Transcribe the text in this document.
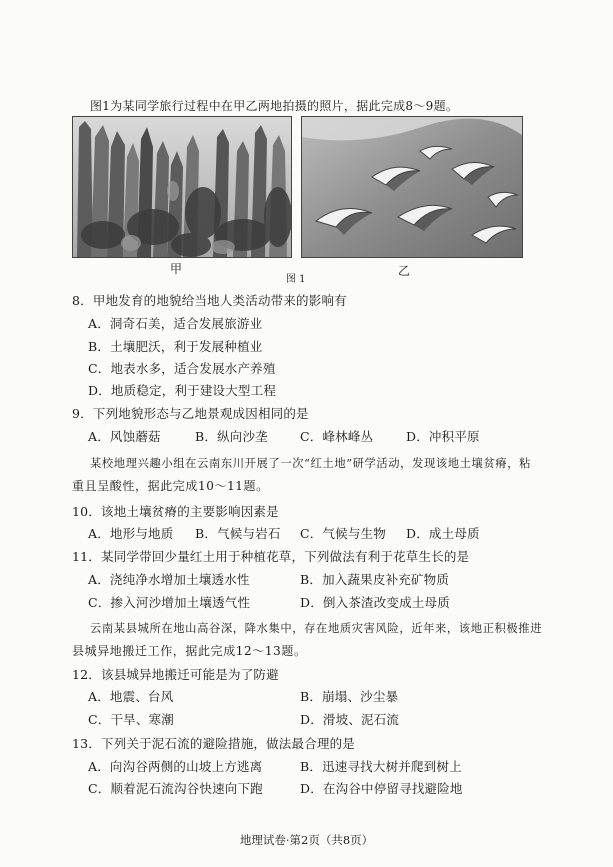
图1为某同学旅行过程中在甲乙两地拍摄的照片，据此完成8～9题。
甲	乙
图 1
8．甲地发育的地貌给当地人类活动带来的影响有
A．洞奇石美，适合发展旅游业
B．土壤肥沃，利于发展种植业
C．地表水多，适合发展水产养殖
D．地质稳定，利于建设大型工程
9．下列地貌形态与乙地景观成因相同的是
A．风蚀蘑菇	B．纵向沙垄	C．峰林峰丛	D．冲积平原
某校地理兴趣小组在云南东川开展了一次“红土地”研学活动，发现该地土壤贫瘠，粘
重且呈酸性，据此完成10～11题。
10．该地土壤贫瘠的主要影响因素是
A．地形与地质 B．气候与岩石 C．气候与生物 D．成土母质
11．某同学带回少量红土用于种植花草，下列做法有利于花草生长的是
A．浇纯净水增加土壤透水性	B．加入蔬果皮补充矿物质
C．掺入河沙增加土壤透气性	D．倒入茶渣改变成土母质
云南某县城所在地山高谷深，降水集中，存在地质灾害风险，近年来，该地正积极推进
县城异地搬迁工作，据此完成12～13题。
12．该县城异地搬迁可能是为了防避
A．地震、台风	B．崩塌、沙尘暴
C．干旱、寒潮	D．滑坡、泥石流
13．下列关于泥石流的避险措施，做法最合理的是
A．向沟谷两侧的山坡上方逃离	B．迅速寻找大树并爬到树上
C．顺着泥石流沟谷快速向下跑	D．在沟谷中停留寻找避险地
地理试卷·第2页（共8页）
